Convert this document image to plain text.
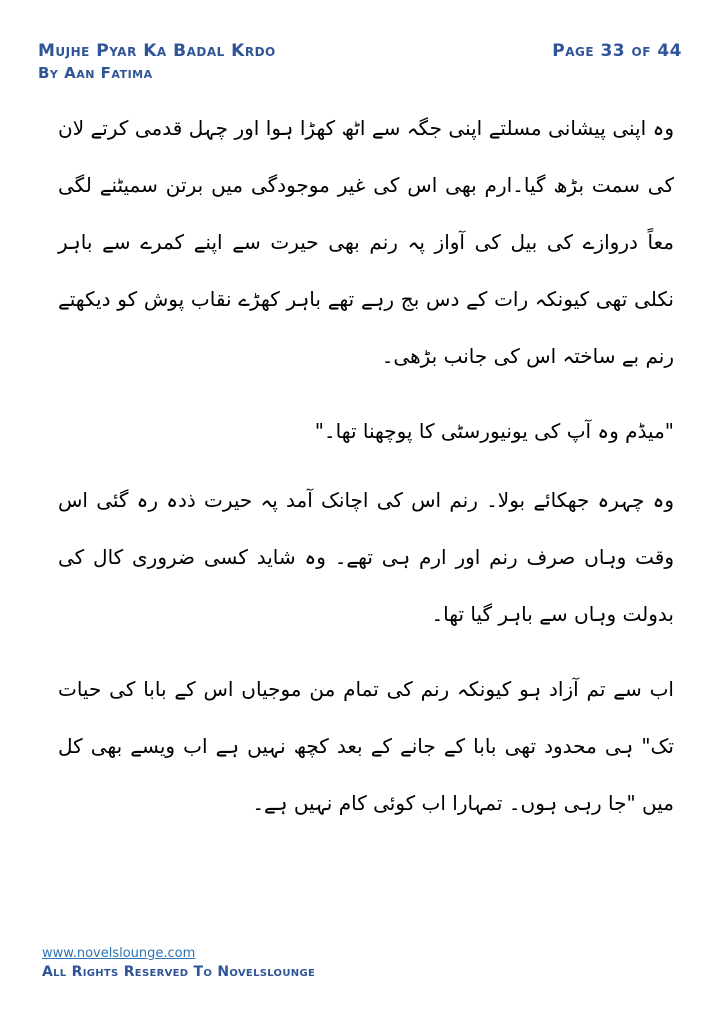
Mujhe Pyar Ka Badal Krdo
By Aan Fatima
Page 33 of 44

وہ اپنی پیشانی مسلتے اپنی جگہ سے اٹھ کھڑا ہوا اور چہل قدمی کرتے لان کی سمت بڑھ گیا۔ارم بھی اس کی غیر موجودگی میں برتن سمیٹنے لگی معاً دروازے کی بیل کی آواز پہ رنم بھی حیرت سے اپنے کمرے سے باہر نکلی تھی کیونکہ رات کے دس بج رہے تھے باہر کھڑے نقاب پوش کو دیکھتے رنم بے ساختہ اس کی جانب بڑھی۔

"میڈم وہ آپ کی یونیورسٹی کا پوچھنا تھا۔"

وہ چہرہ جھکائے بولا۔ رنم اس کی اچانک آمد پہ حیرت ذدہ رہ گئی اس وقت وہاں صرف رنم اور ارم ہی تھے۔ وہ شاید کسی ضروری کال کی بدولت وہاں سے باہر گیا تھا۔

اب سے تم آزاد ہو کیونکہ رنم کی تمام من موجیاں اس کے بابا کی حیات تک" ہی محدود تھی بابا کے جانے کے بعد کچھ نہیں ہے اب ویسے بھی کل میں "جا رہی ہوں۔ تمہارا اب کوئی کام نہیں ہے۔

www.novelslounge.com
All Rights Reserved To Novelslounge
